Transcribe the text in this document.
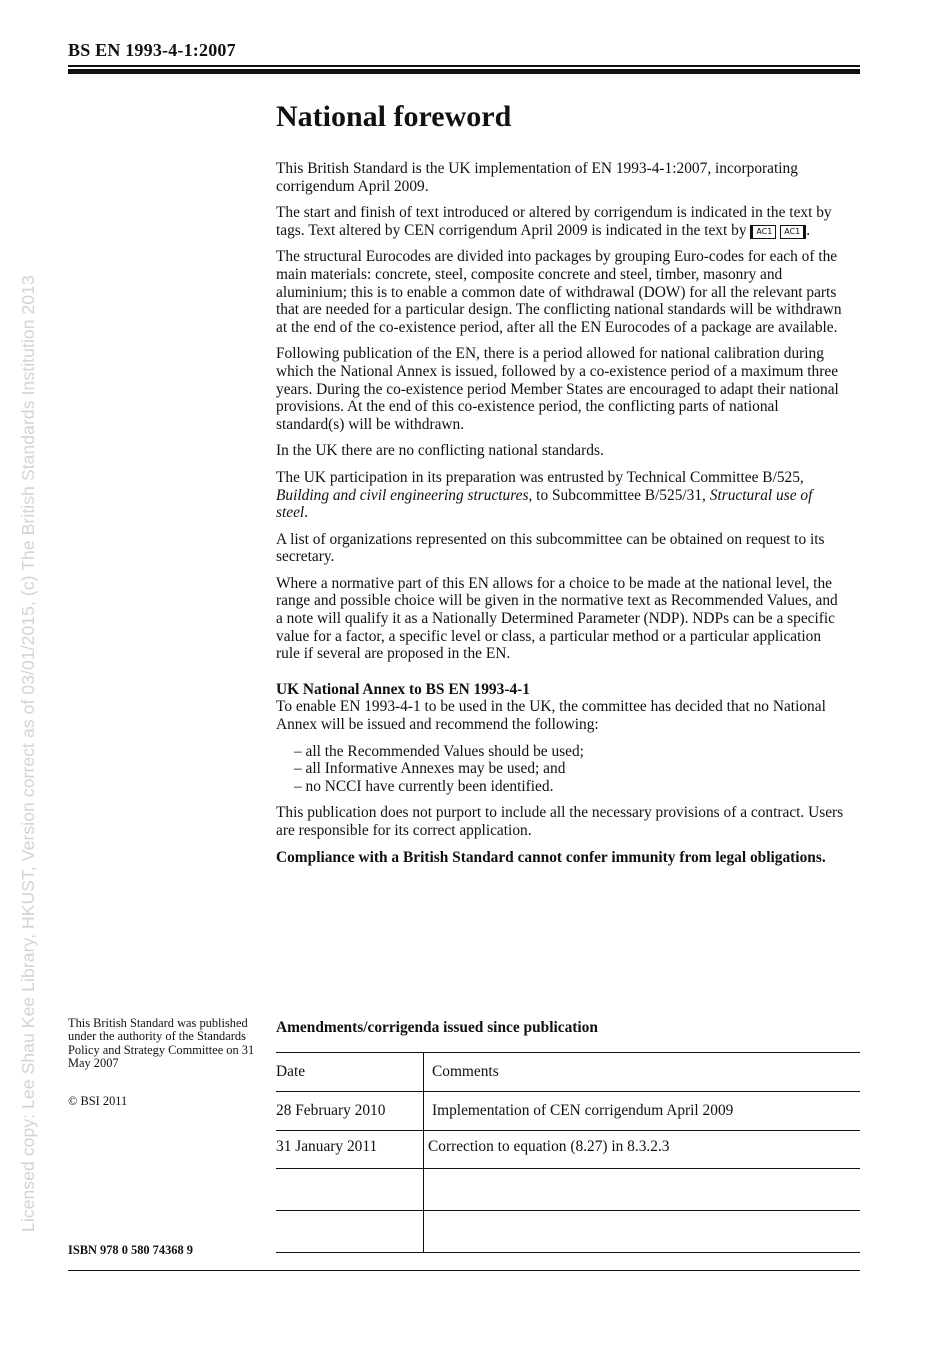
BS EN 1993-4-1:2007
Licensed copy: Lee Shau Kee Library, HKUST, Version correct as of 03/01/2015, (c) The British Standards Institution 2013
National foreword

This British Standard is the UK implementation of EN 1993-4-1:2007, incorporating corrigendum April 2009.

The start and finish of text introduced or altered by corrigendum is indicated in the text by tags. Text altered by CEN corrigendum April 2009 is indicated in the text by AC1 AC1 .

The structural Eurocodes are divided into packages by grouping Euro-codes for each of the main materials: concrete, steel, composite concrete and steel, timber, masonry and aluminium; this is to enable a common date of withdrawal (DOW) for all the relevant parts that are needed for a particular design. The conflicting national standards will be withdrawn at the end of the co-existence period, after all the EN Eurocodes of a package are available.

Following publication of the EN, there is a period allowed for national calibration during which the National Annex is issued, followed by a co-existence period of a maximum three years. During the co-existence period Member States are encouraged to adapt their national provisions. At the end of this co-existence period, the conflicting parts of national standard(s) will be withdrawn.

In the UK there are no conflicting national standards.

The UK participation in its preparation was entrusted by Technical Committee B/525, Building and civil engineering structures, to Subcommittee B/525/31, Structural use of steel.

A list of organizations represented on this subcommittee can be obtained on request to its secretary.

Where a normative part of this EN allows for a choice to be made at the national level, the range and possible choice will be given in the normative text as Recommended Values, and a note will qualify it as a Nationally Determined Parameter (NDP). NDPs can be a specific value for a factor, a specific level or class, a particular method or a particular application rule if several are proposed in the EN.

UK National Annex to BS EN 1993-4-1
To enable EN 1993-4-1 to be used in the UK, the committee has decided that no National Annex will be issued and recommend the following:

– all the Recommended Values should be used;
– all Informative Annexes may be used; and
– no NCCI have currently been identified.

This publication does not purport to include all the necessary provisions of a contract. Users are responsible for its correct application.

Compliance with a British Standard cannot confer immunity from legal obligations.

This British Standard was published under the authority of the Standards Policy and Strategy Committee on 31 May 2007
© BSI 2011
Amendments/corrigenda issued since publication
Date	Comments
28 February 2010	Implementation of CEN corrigendum April 2009
31 January 2011	Correction to equation (8.27) in 8.3.2.3

ISBN 978 0 580 74368 9
